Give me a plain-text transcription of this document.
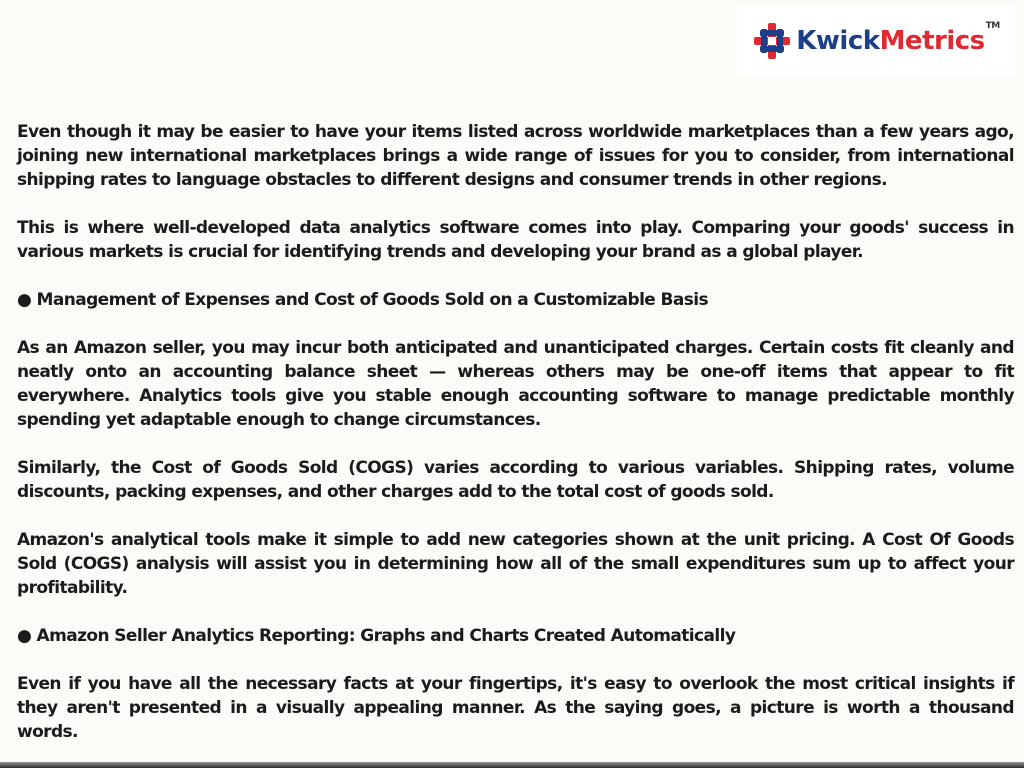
KwickMetrics™

Even though it may be easier to have your items listed across worldwide marketplaces than a few years ago, joining new international marketplaces brings a wide range of issues for you to consider, from international shipping rates to language obstacles to different designs and consumer trends in other regions.

This is where well-developed data analytics software comes into play. Comparing your goods' success in various markets is crucial for identifying trends and developing your brand as a global player.

● Management of Expenses and Cost of Goods Sold on a Customizable Basis

As an Amazon seller, you may incur both anticipated and unanticipated charges. Certain costs fit cleanly and neatly onto an accounting balance sheet — whereas others may be one-off items that appear to fit everywhere. Analytics tools give you stable enough accounting software to manage predictable monthly spending yet adaptable enough to change circumstances.

Similarly, the Cost of Goods Sold (COGS) varies according to various variables. Shipping rates, volume discounts, packing expenses, and other charges add to the total cost of goods sold.

Amazon's analytical tools make it simple to add new categories shown at the unit pricing. A Cost Of Goods Sold (COGS) analysis will assist you in determining how all of the small expenditures sum up to affect your profitability.

● Amazon Seller Analytics Reporting: Graphs and Charts Created Automatically

Even if you have all the necessary facts at your fingertips, it's easy to overlook the most critical insights if they aren't presented in a visually appealing manner. As the saying goes, a picture is worth a thousand words.
